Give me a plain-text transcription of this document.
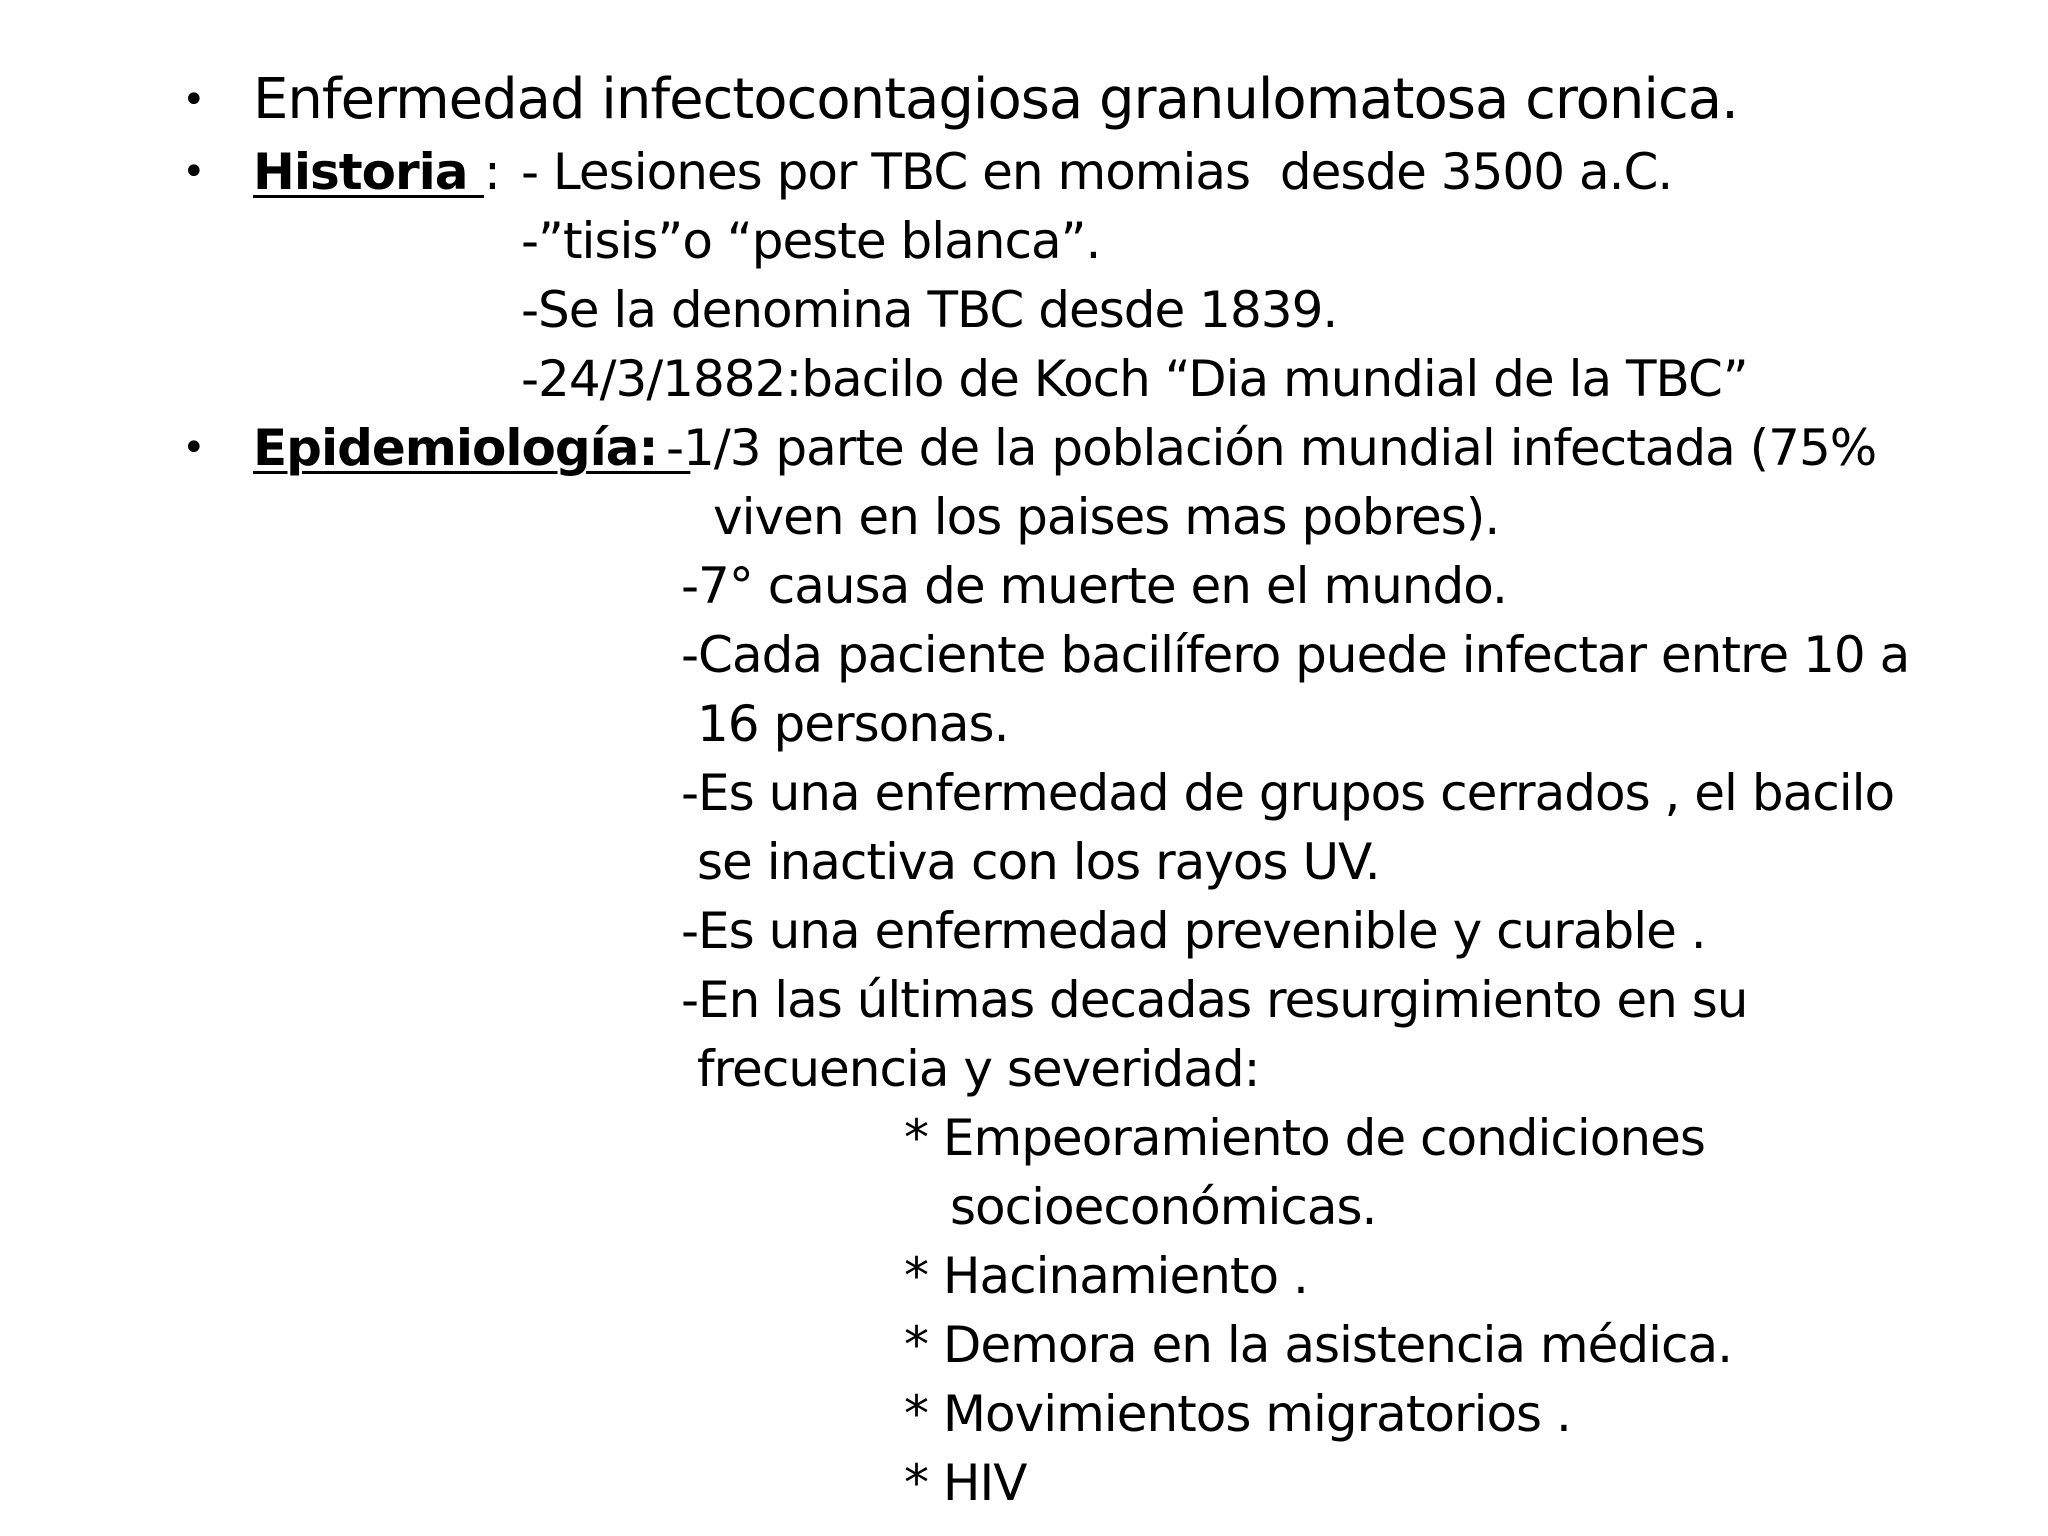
• Enfermedad infectocontagiosa granulomatosa cronica.
• Historia : - Lesiones por TBC en momias  desde 3500 a.C.
-”tisis”o “peste blanca”.
-Se la denomina TBC desde 1839.
-24/3/1882:bacilo de Koch “Dia mundial de la TBC”
• Epidemiología:
-1/3 parte de la población mundial infectada (75%
viven en los paises mas pobres).
-7° causa de muerte en el mundo.
-Cada paciente bacilífero puede infectar entre 10 a
16 personas.
-Es una enfermedad de grupos cerrados , el bacilo
se inactiva con los rayos UV.
-Es una enfermedad prevenible y curable .
-En las últimas decadas resurgimiento en su
frecuencia y severidad:
* Empeoramiento de condiciones
socioeconómicas.
* Hacinamiento .
* Demora en la asistencia médica.
* Movimientos migratorios .
* HIV
